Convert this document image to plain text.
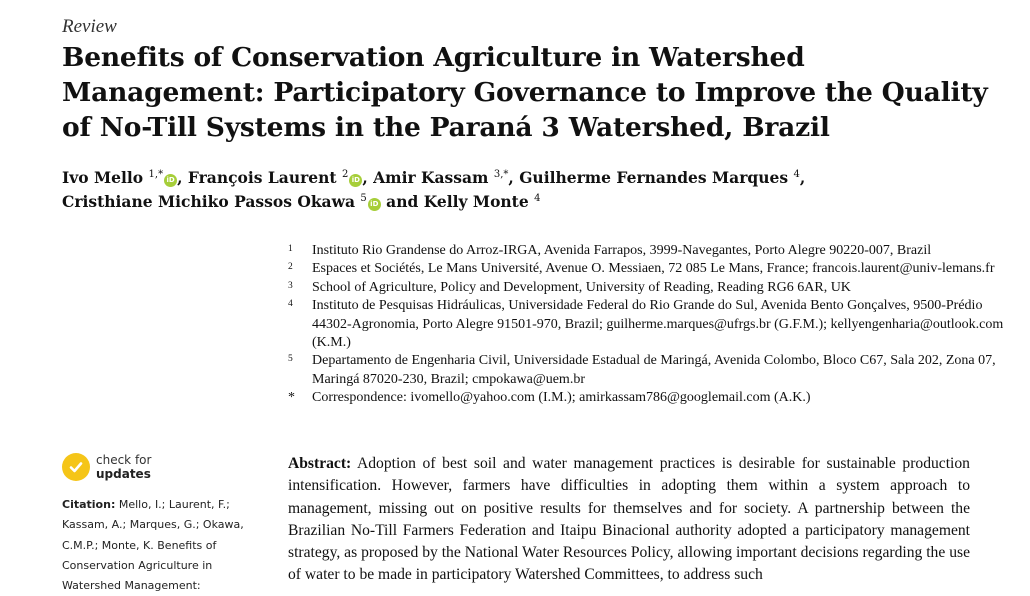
Review
Benefits of Conservation Agriculture in Watershed Management: Participatory Governance to Improve the Quality of No-Till Systems in the Paraná 3 Watershed, Brazil
Ivo Mello $^{1,*}$iD , François Laurent $^2$iD , Amir Kassam $^{3,*}$, Guilherme Fernandes Marques $^4$,
Cristhiane Michiko Passos Okawa $^5$iD and Kelly Monte $^4$
1	Instituto Rio Grandense do Arroz-IRGA, Avenida Farrapos, 3999-Navegantes, Porto Alegre 90220-007, Brazil
2	Espaces et Sociétés, Le Mans Université, Avenue O. Messiaen, 72 085 Le Mans, France; francois.laurent@univ-lemans.fr
3	School of Agriculture, Policy and Development, University of Reading, Reading RG6 6AR, UK
4	Instituto de Pesquisas Hidráulicas, Universidade Federal do Rio Grande do Sul, Avenida Bento Gonçalves, 9500-Prédio 44302-Agronomia, Porto Alegre 91501-970, Brazil; guilherme.marques@ufrgs.br (G.F.M.); kellyengenharia@outlook.com (K.M.)
5	Departamento de Engenharia Civil, Universidade Estadual de Maringá, Avenida Colombo, Bloco C67, Sala 202, Zona 07, Maringá 87020-230, Brazil; cmpokawa@uem.br
*	Correspondence: ivomello@yahoo.com (I.M.); amirkassam786@googlemail.com (A.K.)
check for
updates
Citation: Mello, I.; Laurent, F.; Kassam, A.; Marques, G.; Okawa, C.M.P.; Monte, K. Benefits of Conservation Agriculture in Watershed Management:
Abstract: Adoption of best soil and water management practices is desirable for sustainable production intensification. However, farmers have difficulties in adopting them within a system approach to management, missing out on positive results for themselves and for society. A partnership between the Brazilian No-Till Farmers Federation and Itaipu Binacional authority adopted a participatory management strategy, as proposed by the National Water Resources Policy, allowing important decisions regarding the use of water to be made in participatory Watershed Committees, to address such
